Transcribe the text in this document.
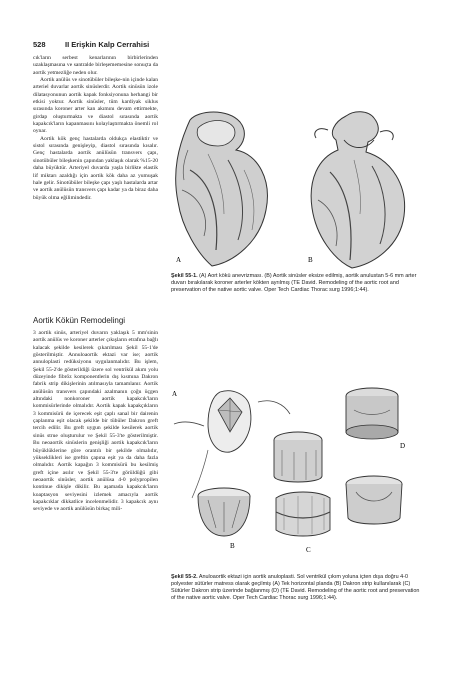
528	II Erişkin Kalp Cerrahisi

cık'ların serbest kenarlarının birbirlerinden uzaklaşmasına ve santralde birleşememesine sonuçta da aortik yetmezliğe neden olur.

Aortik anülüs ve sinotübüler bileşke-nin içinde kalan arteriel duvarlar aortik sinüslerdir. Aortik sinüsün izole dilatasyonunun aortik kapak fonksiyonuna herhangi bir etkisi yoktur. Aortik sinüsler, tüm kardiyak siklus sırasında koroner arter kan akımını devam ettirmekte, girdap oluşturmakta ve diastol sırasında aortik kapakcık'ların kapanmasını kolaylaştırmakta önemli rol oynar.

Aortik kök genç hastalarda oldukça elastiktir ve sistol sırasında genişleyip, diastol sırasında kısalır. Genç hastalarda aortik anülüsün transvers çapı, sinotübüler bileşkenin çapından yaklaşık olarak %15-20 daha büyüktür. Arteriyel duvarda yaşla birlikte elastik lif miktarı azaldığı için aortik kök daha az yumuşak hale gelir. Sinotübüler bileşke çapı yaşlı hastalarda artar ve aortik anülüsün transvers çapı kadar ya da biraz daha büyük olma eğilimindedir.

Aortik Kökün Remodelingi

3 aortik sinüs, arteriyel duvarın yaklaşık 5 mm'sinin aortik anülüs ve koroner arterler çıkışların etrafına bağlı kalacak şekilde kesilerek çıkarılması Şekil 55-1'de gösterilmiştir. Annuloaortik ektazi var ise; aortik annuloplasti redüksiyonu uygulanmalıdır. Bu işlem, Şekil 55-2'de gösterildiği üzere sol ventrikül akım yolu düzeyinde fibröz komponentlerin dış kısmına Dakron fabrik strip dikişlerinin atılmasıyla tamamlanır. Aortik anülüsün transvers çapındaki azalmanın çoğu üçgen altındaki nonkoroner aortik kapakcık'ların kommisürlerinde olmalıdır. Aortik kapak kapakçıkların 3 kommisürü de içerecek eşit çaplı sanal bir dairenin çaplanma eşit olacak şekilde bir tübüler Dakron greft tercih edilir. Bu greft uygun şekilde kesilerek aortik sinüs strue oluşturulur ve Şekil 55-3'te gösterilmiştir. Bu neoaortik sinüslerin genişliği aortik kapakcık'ların büyüklüklerine göre orantılı bir şekilde olmalıdır, yükseklikleri ise greftin çapına eşit ya da daha fazla olmalıdır. Aortik kapağın 3 kommisürü bu kesilmiş greft içine asılır ve Şekil 55-3'te görüldüğü gibi neoaortik sinüsler, aortik anülüsa 4-0 polypropilen kontinue dikişle dikilir. Bu aşamada kapakcık'ların koaptasyon seviyesini izlemek amacıyla aortik kapakcıklar dikkatlice incelenmelidir. 3 kapakcık aynı seviyede ve aortik anülüsün birkaç mili-

A	B
Şekil 55-1. (A) Aort kökü anevrizması. (B) Aortik sinüsler eksize edilmiş, aortik anulustan 5-6 mm arter duvarı bırakılarak koroner arterler kökten ayrılmış (TE David. Remodeling of the aortic root and preservation of the native aortic valve. Oper Tech Cardiac Thorac surg 1996;1:44).
A
D
B	C
Şekil 55-2. Anuloaortik ektazi için aortik anuloplasti. Sol ventrikül çıkım yoluna içten dışa doğru 4-0 polyester sütürler matress olarak geçilmiş (A) Tek horizontal planda (B) Dakron strip kullanılarak (C) Sütürler Dakron strip üzerinde bağlanmış (D) (TE David. Remodeling of the aortic root and preservation of the native aortic valve. Oper Tech Cardiac Thorac surg 1996;1:44).
